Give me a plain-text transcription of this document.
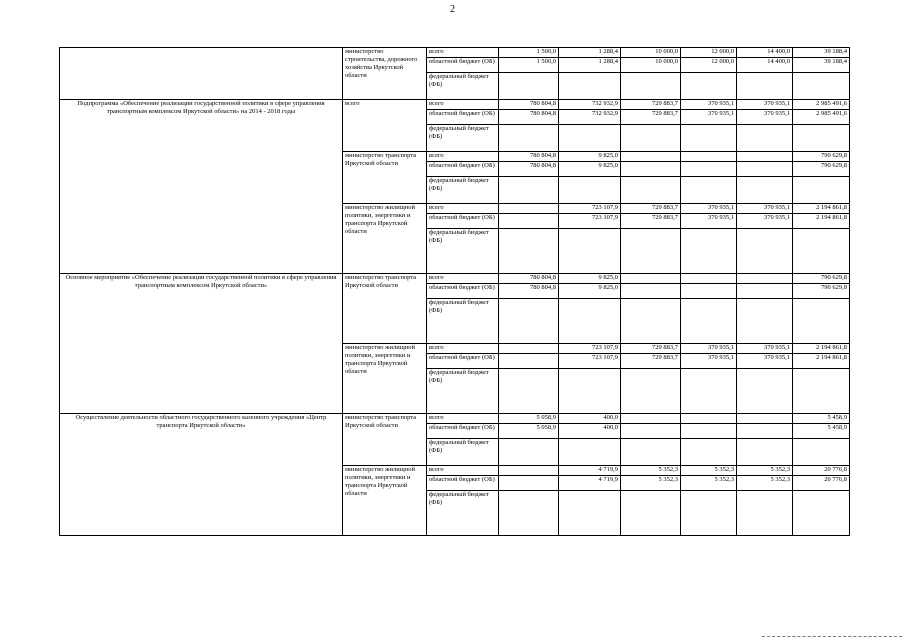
2
	министерство строительства, дорожного хозяйства Иркутской области	всего	1 500,0	1 288,4	10 000,0	12 000,0	14 400,0	39 188,4
		областной бюджет (ОБ)	1 500,0	1 288,4	10 000,0	12 000,0	14 400,0	39 188,4
		федеральный бюджет (ФБ)						
Подпрограмма «Обеспечение реализации государственной политики в сфере управления транспортным комплексом Иркутской области» на 2014 - 2018 годы	всего	всего	780 804,8	732 932,9	729 883,7	370 935,1	370 935,1	2 985 491,6
		областной бюджет (ОБ)	780 804,8	732 932,9	729 883,7	370 935,1	370 935,1	2 985 491,6
		федеральный бюджет (ФБ)						
	министерство транспорта Иркутской области	всего	780 804,8	9 825,0				790 629,8
		областной бюджет (ОБ)	780 804,8	9 825,0				790 629,8
		федеральный бюджет (ФБ)						
	министерство жилищной политики, энергетики и транспорта Иркутской области	всего		723 107,9	729 883,7	370 935,1	370 935,1	2 194 861,8
		областной бюджет (ОБ)		723 107,9	729 883,7	370 935,1	370 935,1	2 194 861,8
		федеральный бюджет (ФБ)						
Основное мероприятие «Обеспечение реализации государственной политики в сфере управления транспортным комплексом Иркутской области»	министерство транспорта Иркутской области	всего	780 804,8	9 825,0				790 629,8
		областной бюджет (ОБ)	780 804,8	9 825,0				790 629,8
		федеральный бюджет (ФБ)						
	министерство жилищной политики, энергетики и транспорта Иркутской области	всего		723 107,9	729 883,7	370 935,1	370 935,1	2 194 861,8
		областной бюджет (ОБ)		723 107,9	729 883,7	370 935,1	370 935,1	2 194 861,8
		федеральный бюджет (ФБ)						
Осуществление деятельности областного государственного казенного учреждения «Центр транспорта Иркутской области»	министерство транспорта Иркутской области	всего	5 058,9	400,0				5 458,9
		областной бюджет (ОБ)	5 058,9	400,0				5 458,9
		федеральный бюджет (ФБ)						
	министерство жилищной политики, энергетики и транспорта Иркутской области	всего		4 719,9	5 352,3	5 352,3	5 352,3	20 776,8
		областной бюджет (ОБ)		4 719,9	5 352,3	5 352,3	5 352,3	20 776,8
		федеральный бюджет (ФБ)						
